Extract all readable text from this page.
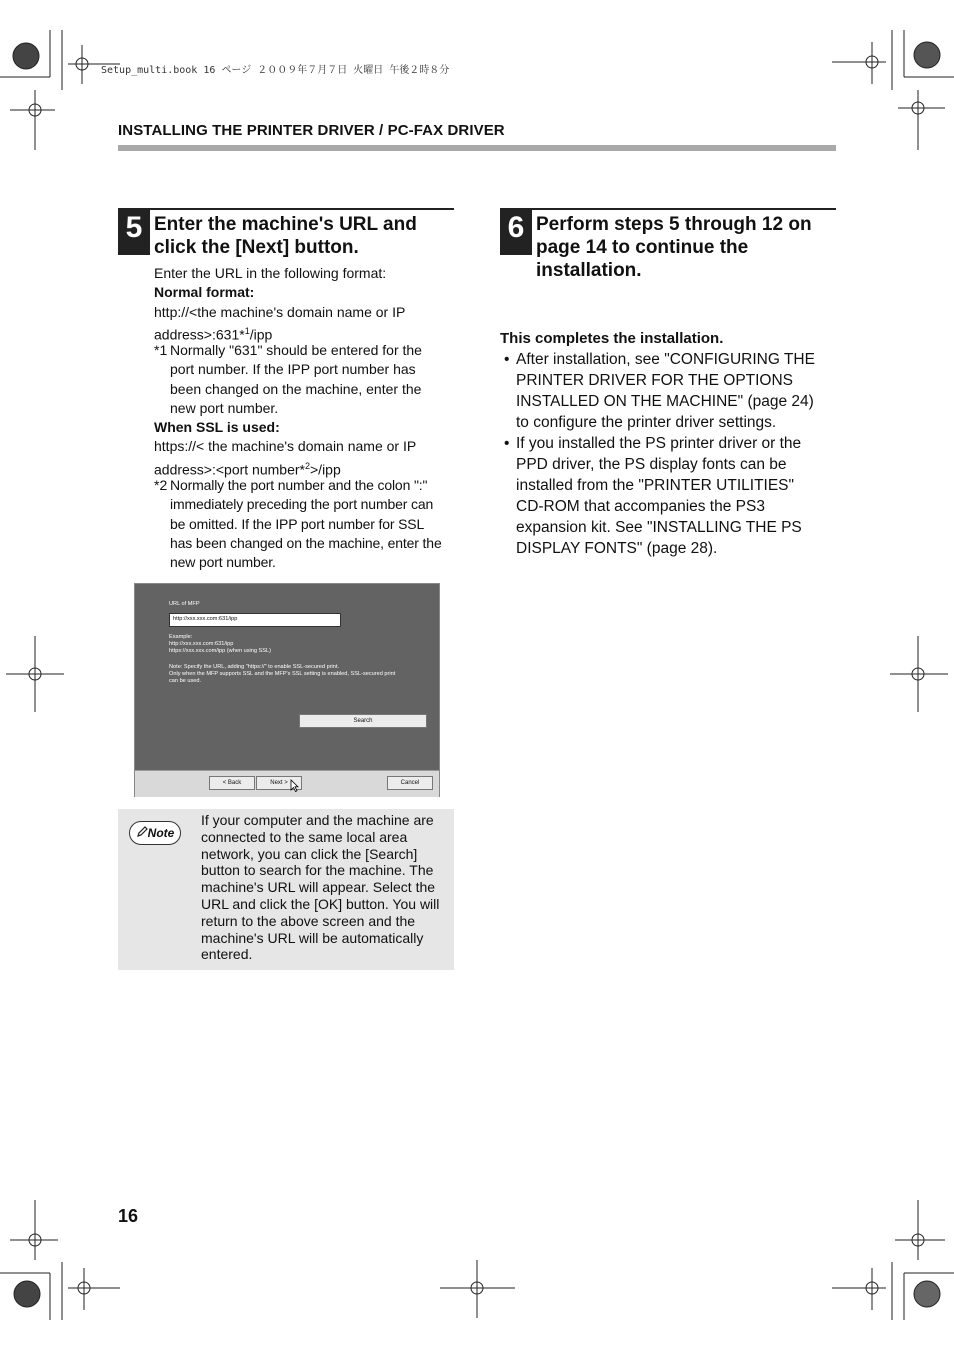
Setup_multi.book 16 ページ ２００９年７月７日 火曜日 午後２時８分
INSTALLING THE PRINTER DRIVER / PC-FAX DRIVER
5 Enter the machine's URL and
click the [Next] button.
Enter the URL in the following format:
Normal format:
http://<the machine's domain name or IP
address>:631*$^1$/ipp
*1 Normally "631" should be entered for the
port number. If the IPP port number has
been changed on the machine, enter the
new port number.
When SSL is used:
https://< the machine's domain name or IP
address>:<port number*$^2$>/ipp
*2 Normally the port number and the colon ":"
immediately preceding the port number can
be omitted. If the IPP port number for SSL
has been changed on the machine, enter the
new port number.
URL of MFP
http://xxx.xxx.com:631/ipp
Example:
http://xxx.xxx.com:631/ipp
https://xxx.xxx.com/ipp (when using SSL)
Note: Specify the URL, adding "https://" to enable SSL-secured print.
Only when the MFP supports SSL and the MFP's SSL setting is enabled, SSL-secured print
can be used.
Search
< Back	Next >	Cancel
Note
If your computer and the machine are
connected to the same local area
network, you can click the [Search]
button to search for the machine. The
machine's URL will appear. Select the
URL and click the [OK] button. You will
return to the above screen and the
machine's URL will be automatically
entered.
6 Perform steps 5 through 12 on
page 14 to continue the
installation.
This completes the installation.
• After installation, see "CONFIGURING THE
PRINTER DRIVER FOR THE OPTIONS
INSTALLED ON THE MACHINE" (page 24)
to configure the printer driver settings.
• If you installed the PS printer driver or the
PPD driver, the PS display fonts can be
installed from the "PRINTER UTILITIES"
CD-ROM that accompanies the PS3
expansion kit. See "INSTALLING THE PS
DISPLAY FONTS" (page 28).
16
